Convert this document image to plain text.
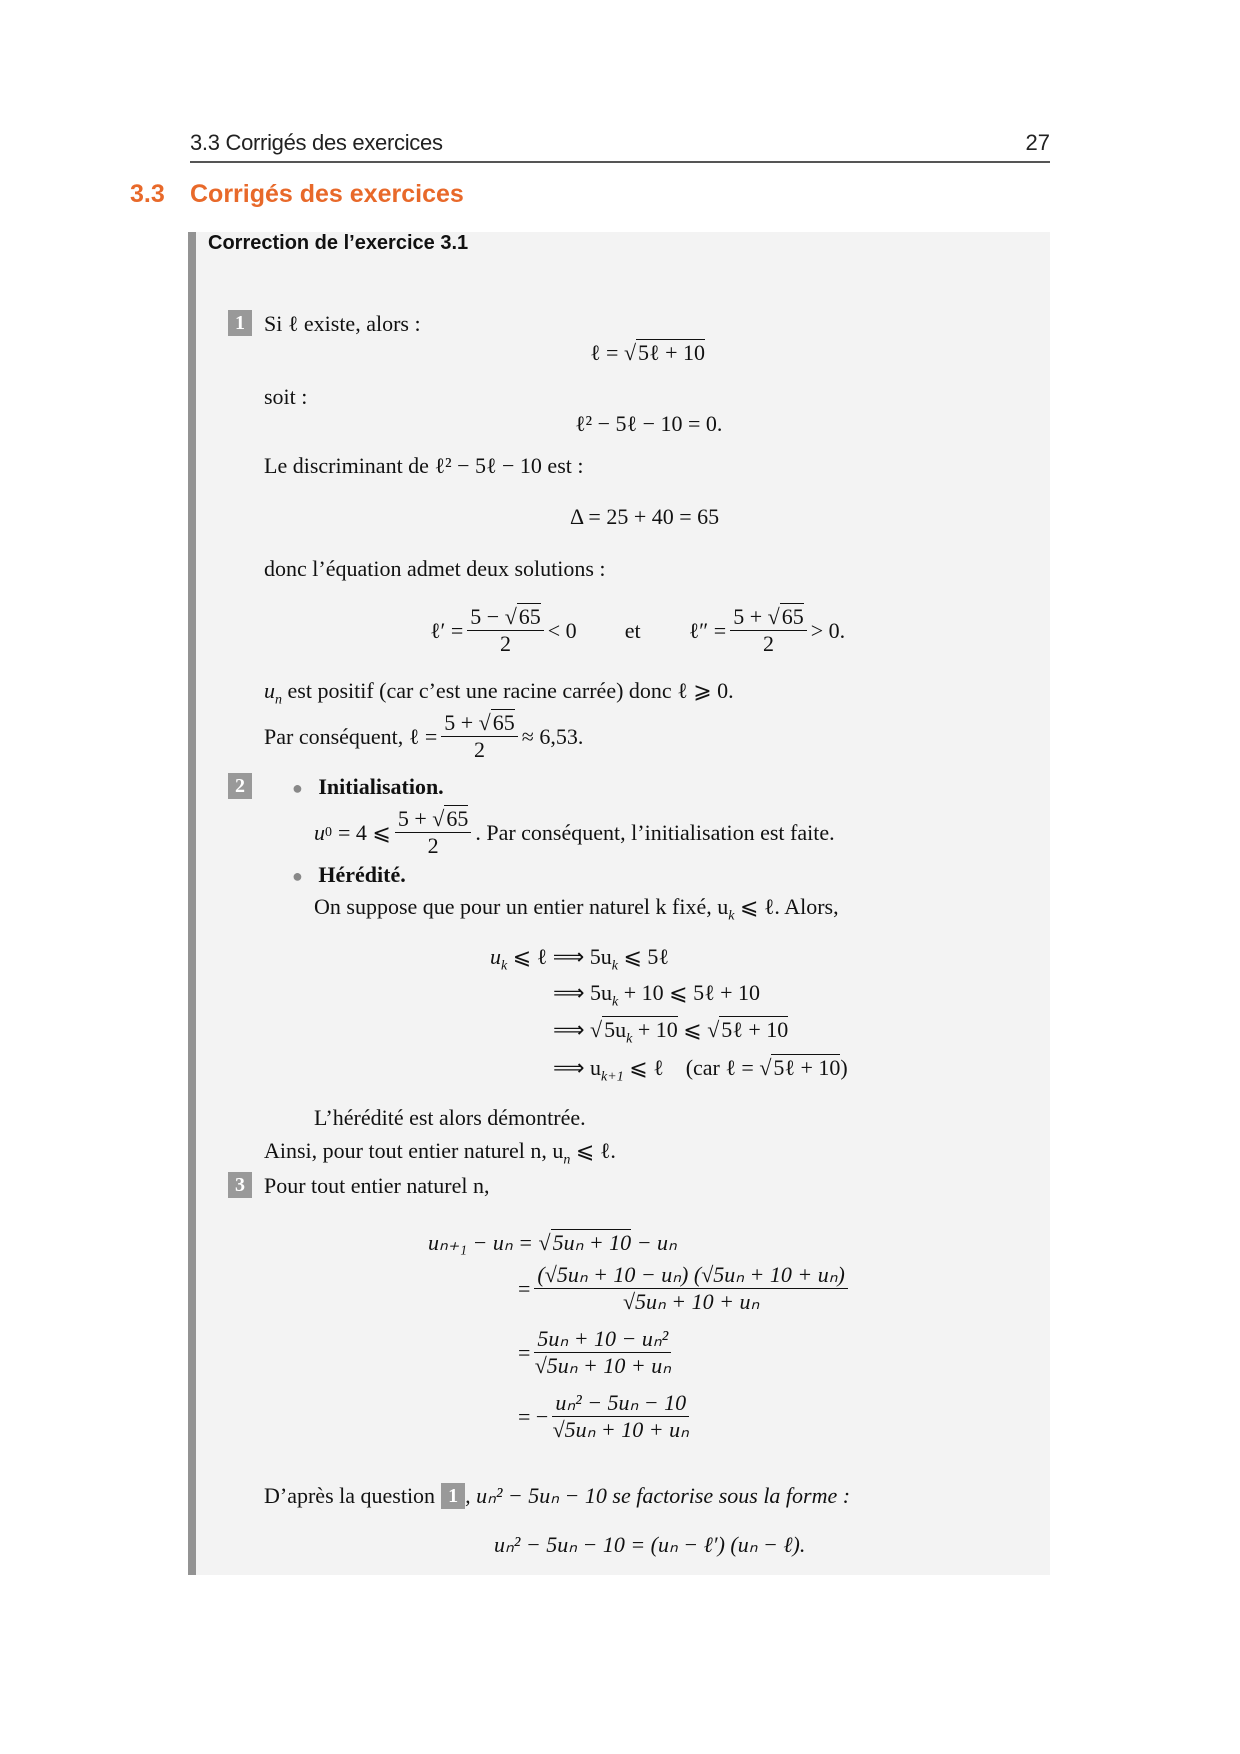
3.3 Corrigés des exercices	27
3.3 Corrigés des exercices
Correction de l’exercice 3.1
1 Si ℓ existe, alors :
ℓ = √5ℓ + 10
soit :
ℓ² − 5ℓ − 10 = 0.
Le discriminant de ℓ² − 5ℓ − 10 est :
Δ = 25 + 40 = 65
donc l’équation admet deux solutions :
ℓ′ = $\frac{5 - √65}{2} < 0$ et ℓ″ = $\frac{5 + √65}{2} > 0$.
$u_n$ est positif (car c’est une racine carrée) donc ℓ ⩾ 0.
Par conséquent, ℓ = $\frac{5 + √65}{2} \approx 6,53$.
2	● Initialisation.
u 0 = 4 ⩽ $\frac{5 + √65}{2}$ . Par conséquent, l’initialisation est faite.
● Hérédité.
On suppose que pour un entier naturel k fixé, $u_k$ ⩽ ℓ. Alors,
$u_k$ ⩽ ℓ ⟹ $5u_k$ ⩽ 5ℓ
⟹ $5u_k + 10$ ⩽ 5ℓ + 10
⟹ $√5u_k + 10$ ⩽ √5ℓ + 10
⟹ $u_{k+1}$ ⩽ ℓ    (car ℓ = √5ℓ + 10)
L’hérédité est alors démontrée.
Ainsi, pour tout entier naturel n, $u_n$ ⩽ ℓ.
3 Pour tout entier naturel n,
uₙ₊₁ − uₙ = √5uₙ + 10 − uₙ
= $\frac{\text{(√5uₙ + 10 − uₙ) (√5uₙ + 10 + uₙ)}}{\text{√5uₙ + 10 + uₙ}}$
= $\frac{\text{5uₙ + 10 − uₙ²}}{\text{√5uₙ + 10 + uₙ}}$
= − $\frac{\text{uₙ² − 5uₙ − 10}}{\text{√5uₙ + 10 + uₙ}}$
D’après la question 1 , uₙ² − 5uₙ − 10 se factorise sous la forme :
uₙ² − 5uₙ − 10 = (uₙ − ℓ′) (uₙ − ℓ).
